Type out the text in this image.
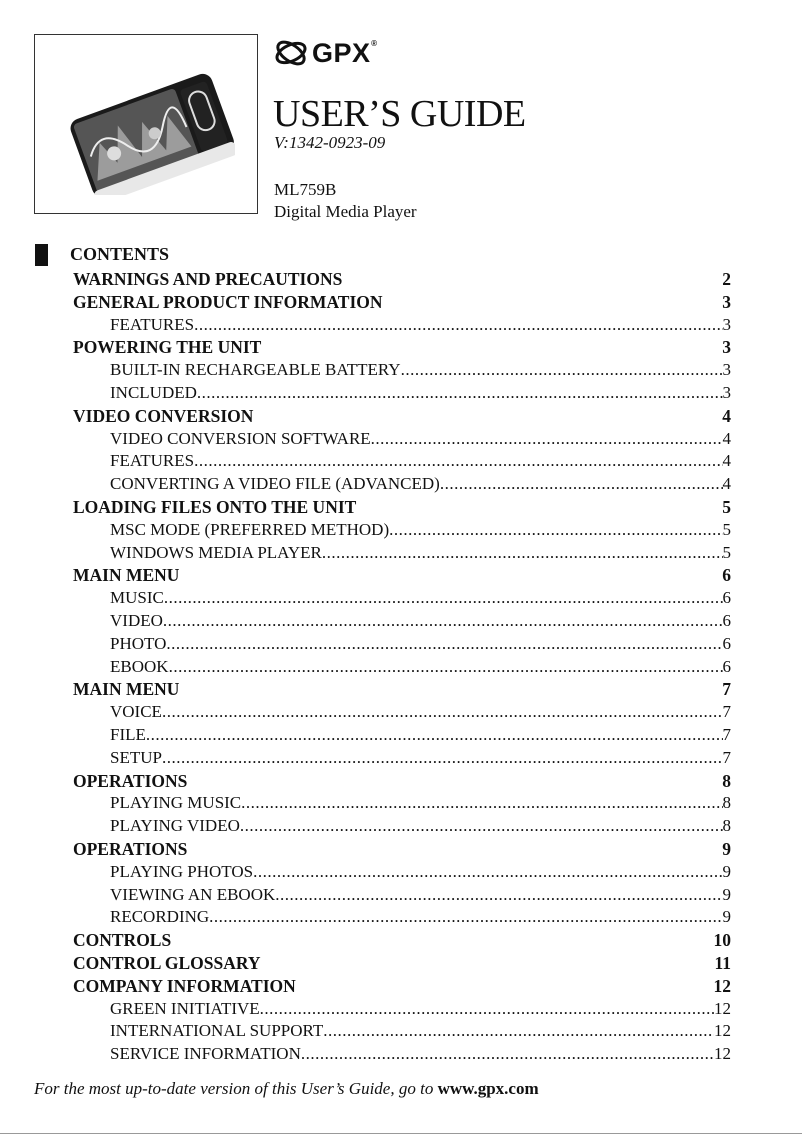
GPX ®
USER’S GUIDE
V:1342-0923-09
ML759B
Digital Media Player
CONTENTS
WARNINGS AND PRECAUTIONS	2
GENERAL PRODUCT INFORMATION	3
FEATURES .....	3
POWERING THE UNIT	3
BUILT-IN RECHARGEABLE BATTERY .....	3
INCLUDED .....	3
VIDEO CONVERSION	4
VIDEO CONVERSION SOFTWARE .....	4
FEATURES .....	4
CONVERTING A VIDEO FILE (ADVANCED) .....	4
LOADING FILES ONTO THE UNIT	5
MSC MODE (PREFERRED METHOD) .....	5
WINDOWS MEDIA PLAYER .....	5
MAIN MENU	6
MUSIC .....	6
VIDEO .....	6
PHOTO .....	6
EBOOK .....	6
MAIN MENU	7
VOICE .....	7
FILE .....	7
SETUP .....	7
OPERATIONS	8
PLAYING MUSIC .....	8
PLAYING VIDEO .....	8
OPERATIONS	9
PLAYING PHOTOS .....	9
VIEWING AN EBOOK .....	9
RECORDING .....	9
CONTROLS	10
CONTROL GLOSSARY	11
COMPANY INFORMATION	12
GREEN INITIATIVE .....	12
INTERNATIONAL SUPPORT .....	12
SERVICE INFORMATION .....	12
For the most up-to-date version of this User’s Guide, go to www.gpx.com
